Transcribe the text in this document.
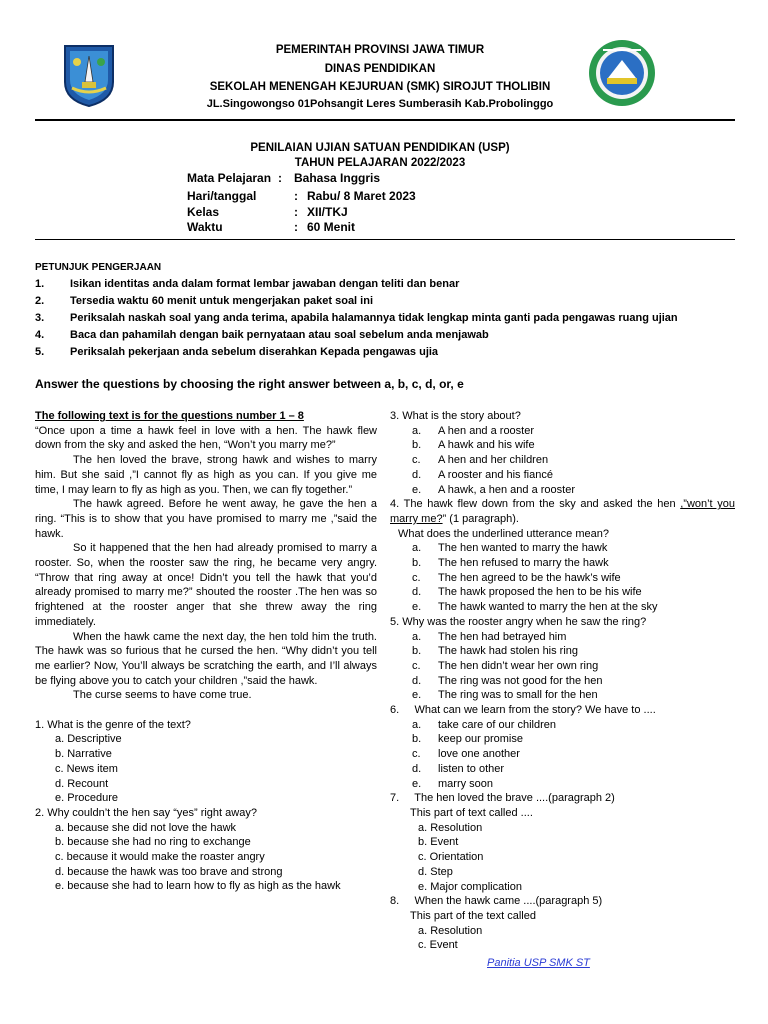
PEMERINTAH PROVINSI JAWA TIMUR
DINAS PENDIDIKAN
SEKOLAH MENENGAH KEJURUAN (SMK) SIROJUT THOLIBIN
JL.Singowongso 01Pohsangit Leres Sumberasih Kab.Probolinggo
PENILAIAN UJIAN SATUAN PENDIDIKAN (USP)
TAHUN PELAJARAN 2022/2023
Mata Pelajaran : Bahasa Inggris
Hari/tanggal	: Rabu/ 8 Maret 2023
Kelas	: XII/TKJ
Waktu	: 60 Menit
PETUNJUK PENGERJAAN
1. Isikan identitas anda dalam format lembar jawaban dengan teliti dan benar
2. Tersedia waktu 60 menit untuk mengerjakan paket soal ini
3. Periksalah naskah soal yang anda terima, apabila halamannya tidak lengkap minta ganti pada pengawas ruang ujian
4. Baca dan pahamilah dengan baik pernyataan atau soal sebelum anda menjawab
5. Periksalah pekerjaan anda sebelum diserahkan Kepada pengawas ujia
Answer the questions by choosing the right answer between a, b, c, d, or, e

The following text is for the questions number 1 – 8

“Once upon a time a hawk feel in love with a hen. The hawk flew down from the sky and asked the hen, “Won’t you marry me?”

The hen loved the brave, strong hawk and wishes to marry him. But she said ,”I cannot fly as high as you can. If you give me time, I may learn to fly as high as you. Then, we can fly together.”

The hawk agreed. Before he went away, he gave the hen a ring. “This is to show that you have promised to marry me ,”said the hawk.

So it happened that the hen had already promised to marry a rooster. So, when the rooster saw the ring, he became very angry. “Throw that ring away at once! Didn’t you tell the hawk that you’d already promised to marry me?” shouted the rooster .The hen was so frightened at the rooster anger that she threw away the ring immediately.

When the hawk came the next day, the hen told him the truth. The hawk was so furious that he cursed the hen. “Why didn’t you tell me earlier? Now, You’ll always be scratching the earth, and I’ll always be flying above you to catch your children ,”said the hawk.

The curse seems to have come true.

1. What is the genre of the text?

a. Descriptive

b. Narrative

c. News item

d. Recount

e. Procedure

2. Why couldn’t the hen say “yes” right away?

a. because she did not love the hawk

b. because she had no ring to exchange

c. because it would make the roaster angry

d. because the hawk was too brave and strong

e. because she had to learn how to fly as high as the hawk

3. What is the story about?

a. A hen and a rooster

b. A hawk and his wife

c. A hen and her children

d. A rooster and his fiancé

e. A hawk, a hen and a rooster

4. The hawk flew down from the sky and asked the hen ,”won’t you marry me?” (1 paragraph).

What does the underlined utterance mean?

a. The hen wanted to marry the hawk

b. The hen refused to marry the hawk

c. The hen agreed to be the hawk’s wife

d. The hawk proposed the hen to be his wife

e. The hawk wanted to marry the hen at the sky

5. Why was the rooster angry when he saw the ring?

a. The hen had betrayed him

b. The hawk had stolen his ring

c. The hen didn’t wear her own ring

d. The ring was not good for the hen

e. The ring was to small for the hen

6.     What can we learn from the story? We have to ....

a. take care of our children

b. keep our promise

c. love one another

d. listen to other

e. marry soon

7.     The hen loved the brave ....(paragraph 2)

This part of text called ....

a. Resolution

b. Event

c. Orientation

d. Step

e. Major complication

8.     When the hawk came ....(paragraph 5)

This part of the text called

a. Resolution

c. Event

Panitia USP SMK ST
